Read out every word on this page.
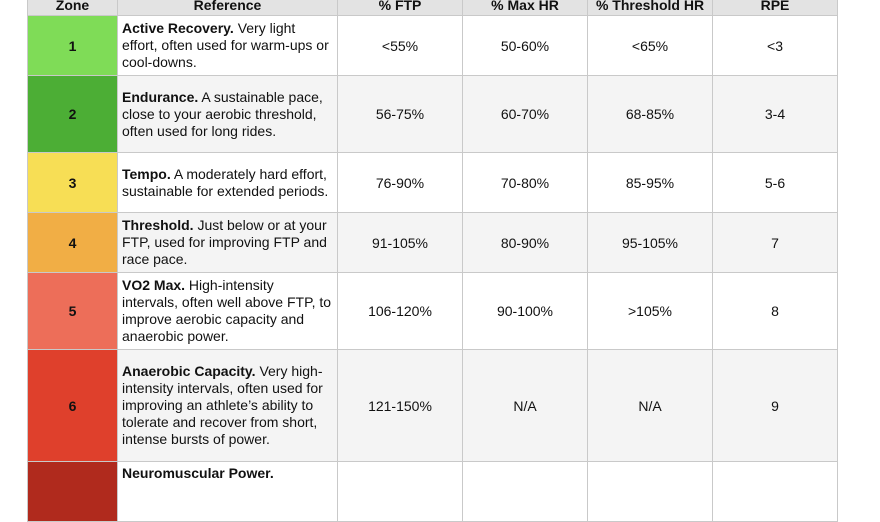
Zone	Reference	% FTP	% Max HR	% Threshold HR	RPE
1	Active Recovery. Very light effort, often used for warm-ups or cool-downs.	<55%	50-60%	<65%	<3
2	Endurance. A sustainable pace, close to your aerobic threshold, often used for long rides.	56-75%	60-70%	68-85%	3-4
3	Tempo. A moderately hard effort, sustainable for extended periods.	76-90%	70-80%	85-95%	5-6
4	Threshold. Just below or at your FTP, used for improving FTP and race pace.	91-105%	80-90%	95-105%	7
5	VO2 Max. High-intensity intervals, often well above FTP, to improve aerobic capacity and anaerobic power.	106-120%	90-100%	>105%	8
6	Anaerobic Capacity. Very high-intensity intervals, often used for improving an athlete’s ability to tolerate and recover from short, intense bursts of power.	121-150%	N/A	N/A	9
	Neuromuscular Power.				
